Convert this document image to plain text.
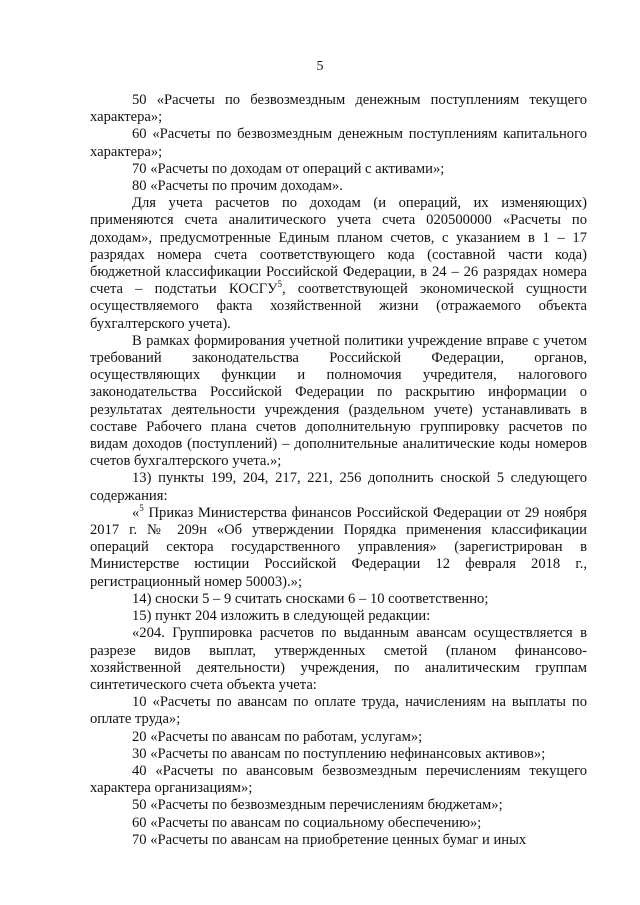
5

50 «Расчеты по безвозмездным денежным поступлениям текущего характера»;

60 «Расчеты по безвозмездным денежным поступлениям капитального характера»;

70 «Расчеты по доходам от операций с активами»;

80 «Расчеты по прочим доходам».

Для учета расчетов по доходам (и операций, их изменяющих) применяются счета аналитического учета счета 020500000 «Расчеты по доходам», предусмотренные Единым планом счетов, с указанием в 1 – 17 разрядах номера счета соответствующего кода (составной части кода) бюджетной классификации Российской Федерации, в 24 – 26 разрядах номера счета – подстатьи КОСГУ$^5$, соответствующей экономической сущности осуществляемого факта хозяйственной жизни (отражаемого объекта бухгалтерского учета).

В рамках формирования учетной политики учреждение вправе с учетом требований законодательства Российской Федерации, органов, осуществляющих функции и полномочия учредителя, налогового законодательства Российской Федерации по раскрытию информации о результатах деятельности учреждения (раздельном учете) устанавливать в составе Рабочего плана счетов дополнительную группировку расчетов по видам доходов (поступлений) – дополнительные аналитические коды номеров счетов бухгалтерского учета.»;

13) пункты 199, 204, 217, 221, 256 дополнить сноской 5 следующего содержания:

«$^5$ Приказ Министерства финансов Российской Федерации от 29 ноября 2017 г. № 209н «Об утверждении Порядка применения классификации операций сектора государственного управления» (зарегистрирован в Министерстве юстиции Российской Федерации 12 февраля 2018 г., регистрационный номер 50003).»;

14) сноски 5 – 9 считать сносками 6 – 10 соответственно;

15) пункт 204 изложить в следующей редакции:

«204. Группировка расчетов по выданным авансам осуществляется в разрезе видов выплат, утвержденных сметой (планом финансово-хозяйственной деятельности) учреждения, по аналитическим группам синтетического счета объекта учета:

10 «Расчеты по авансам по оплате труда, начислениям на выплаты по оплате труда»;

20 «Расчеты по авансам по работам, услугам»;

30 «Расчеты по авансам по поступлению нефинансовых активов»;

40 «Расчеты по авансовым безвозмездным перечислениям текущего характера организациям»;

50 «Расчеты по безвозмездным перечислениям бюджетам»;

60 «Расчеты по авансам по социальному обеспечению»;

70 «Расчеты по авансам на приобретение ценных бумаг и иных
